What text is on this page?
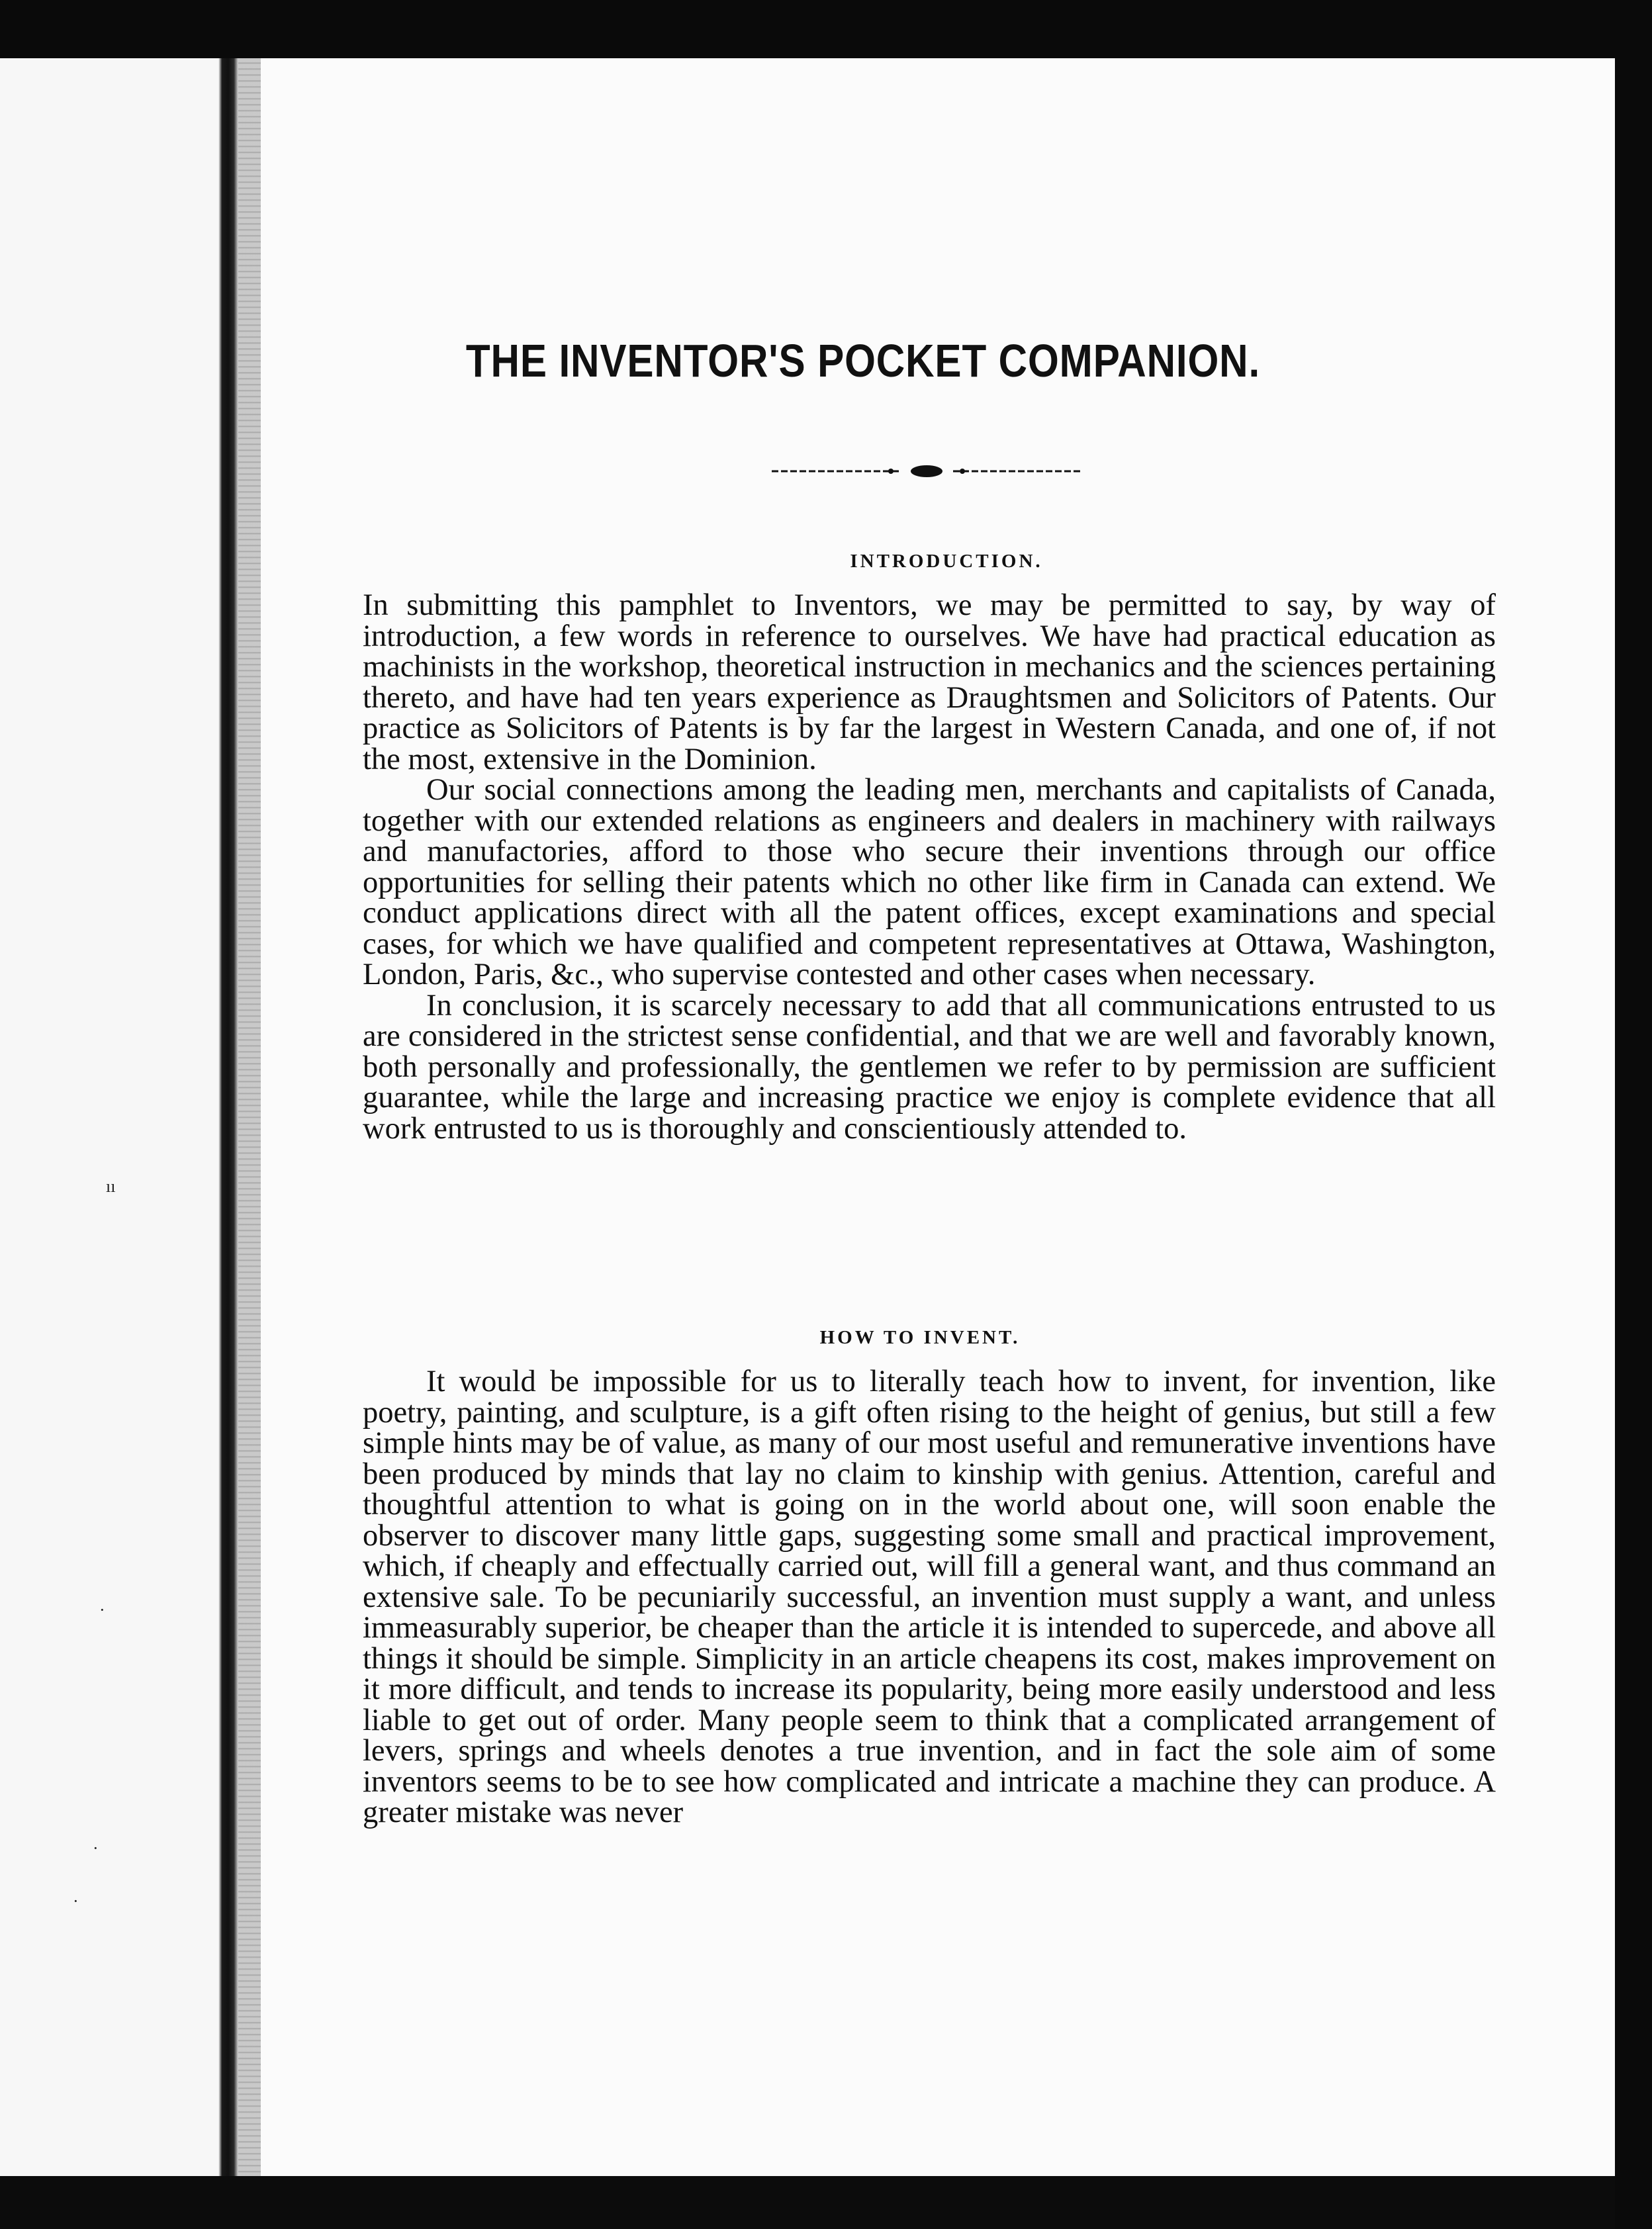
ıı
·
·
·
THE INVENTOR'S POCKET COMPANION.
INTRODUCTION.

In submitting this pamphlet to Inventors, we may be permitted to say, by way of introduction, a few words in reference to ourselves. We have had practical education as machinists in the workshop, theoretical instruction in mechanics and the sciences pertaining thereto, and have had ten years experience as Draughtsmen and Solicitors of Patents. Our practice as Solicitors of Patents is by far the largest in Western Canada, and one of, if not the most, extensive in the Dominion.

Our social connections among the leading men, merchants and capitalists of Canada, together with our extended relations as engineers and dealers in machinery with railways and manufactories, afford to those who secure their inventions through our office opportunities for selling their patents which no other like firm in Canada can extend. We conduct applications direct with all the patent offices, except examinations and special cases, for which we have qualified and competent representatives at Ottawa, Washington, London, Paris, &c., who supervise contested and other cases when necessary.

In conclusion, it is scarcely necessary to add that all communications entrusted to us are considered in the strictest sense confidential, and that we are well and favorably known, both personally and professionally, the gentlemen we refer to by permission are sufficient guarantee, while the large and increasing practice we enjoy is complete evidence that all work entrusted to us is thoroughly and conscientiously attended to.

HOW TO INVENT.

It would be impossible for us to literally teach how to invent, for invention, like poetry, painting, and sculpture, is a gift often rising to the height of genius, but still a few simple hints may be of value, as many of our most useful and remunerative inventions have been produced by minds that lay no claim to kinship with genius. Attention, careful and thoughtful attention to what is going on in the world about one, will soon enable the observer to discover many little gaps, suggesting some small and practical improvement, which, if cheaply and effectually carried out, will fill a general want, and thus command an extensive sale. To be pecuniarily successful, an invention must supply a want, and unless immeasurably superior, be cheaper than the article it is intended to supercede, and above all things it should be simple. Simplicity in an article cheapens its cost, makes improvement on it more difficult, and tends to increase its popularity, being more easily understood and less liable to get out of order. Many people seem to think that a complicated arrangement of levers, springs and wheels denotes a true invention, and in fact the sole aim of some inventors seems to be to see how complicated and intricate a machine they can produce. A greater mistake was never
